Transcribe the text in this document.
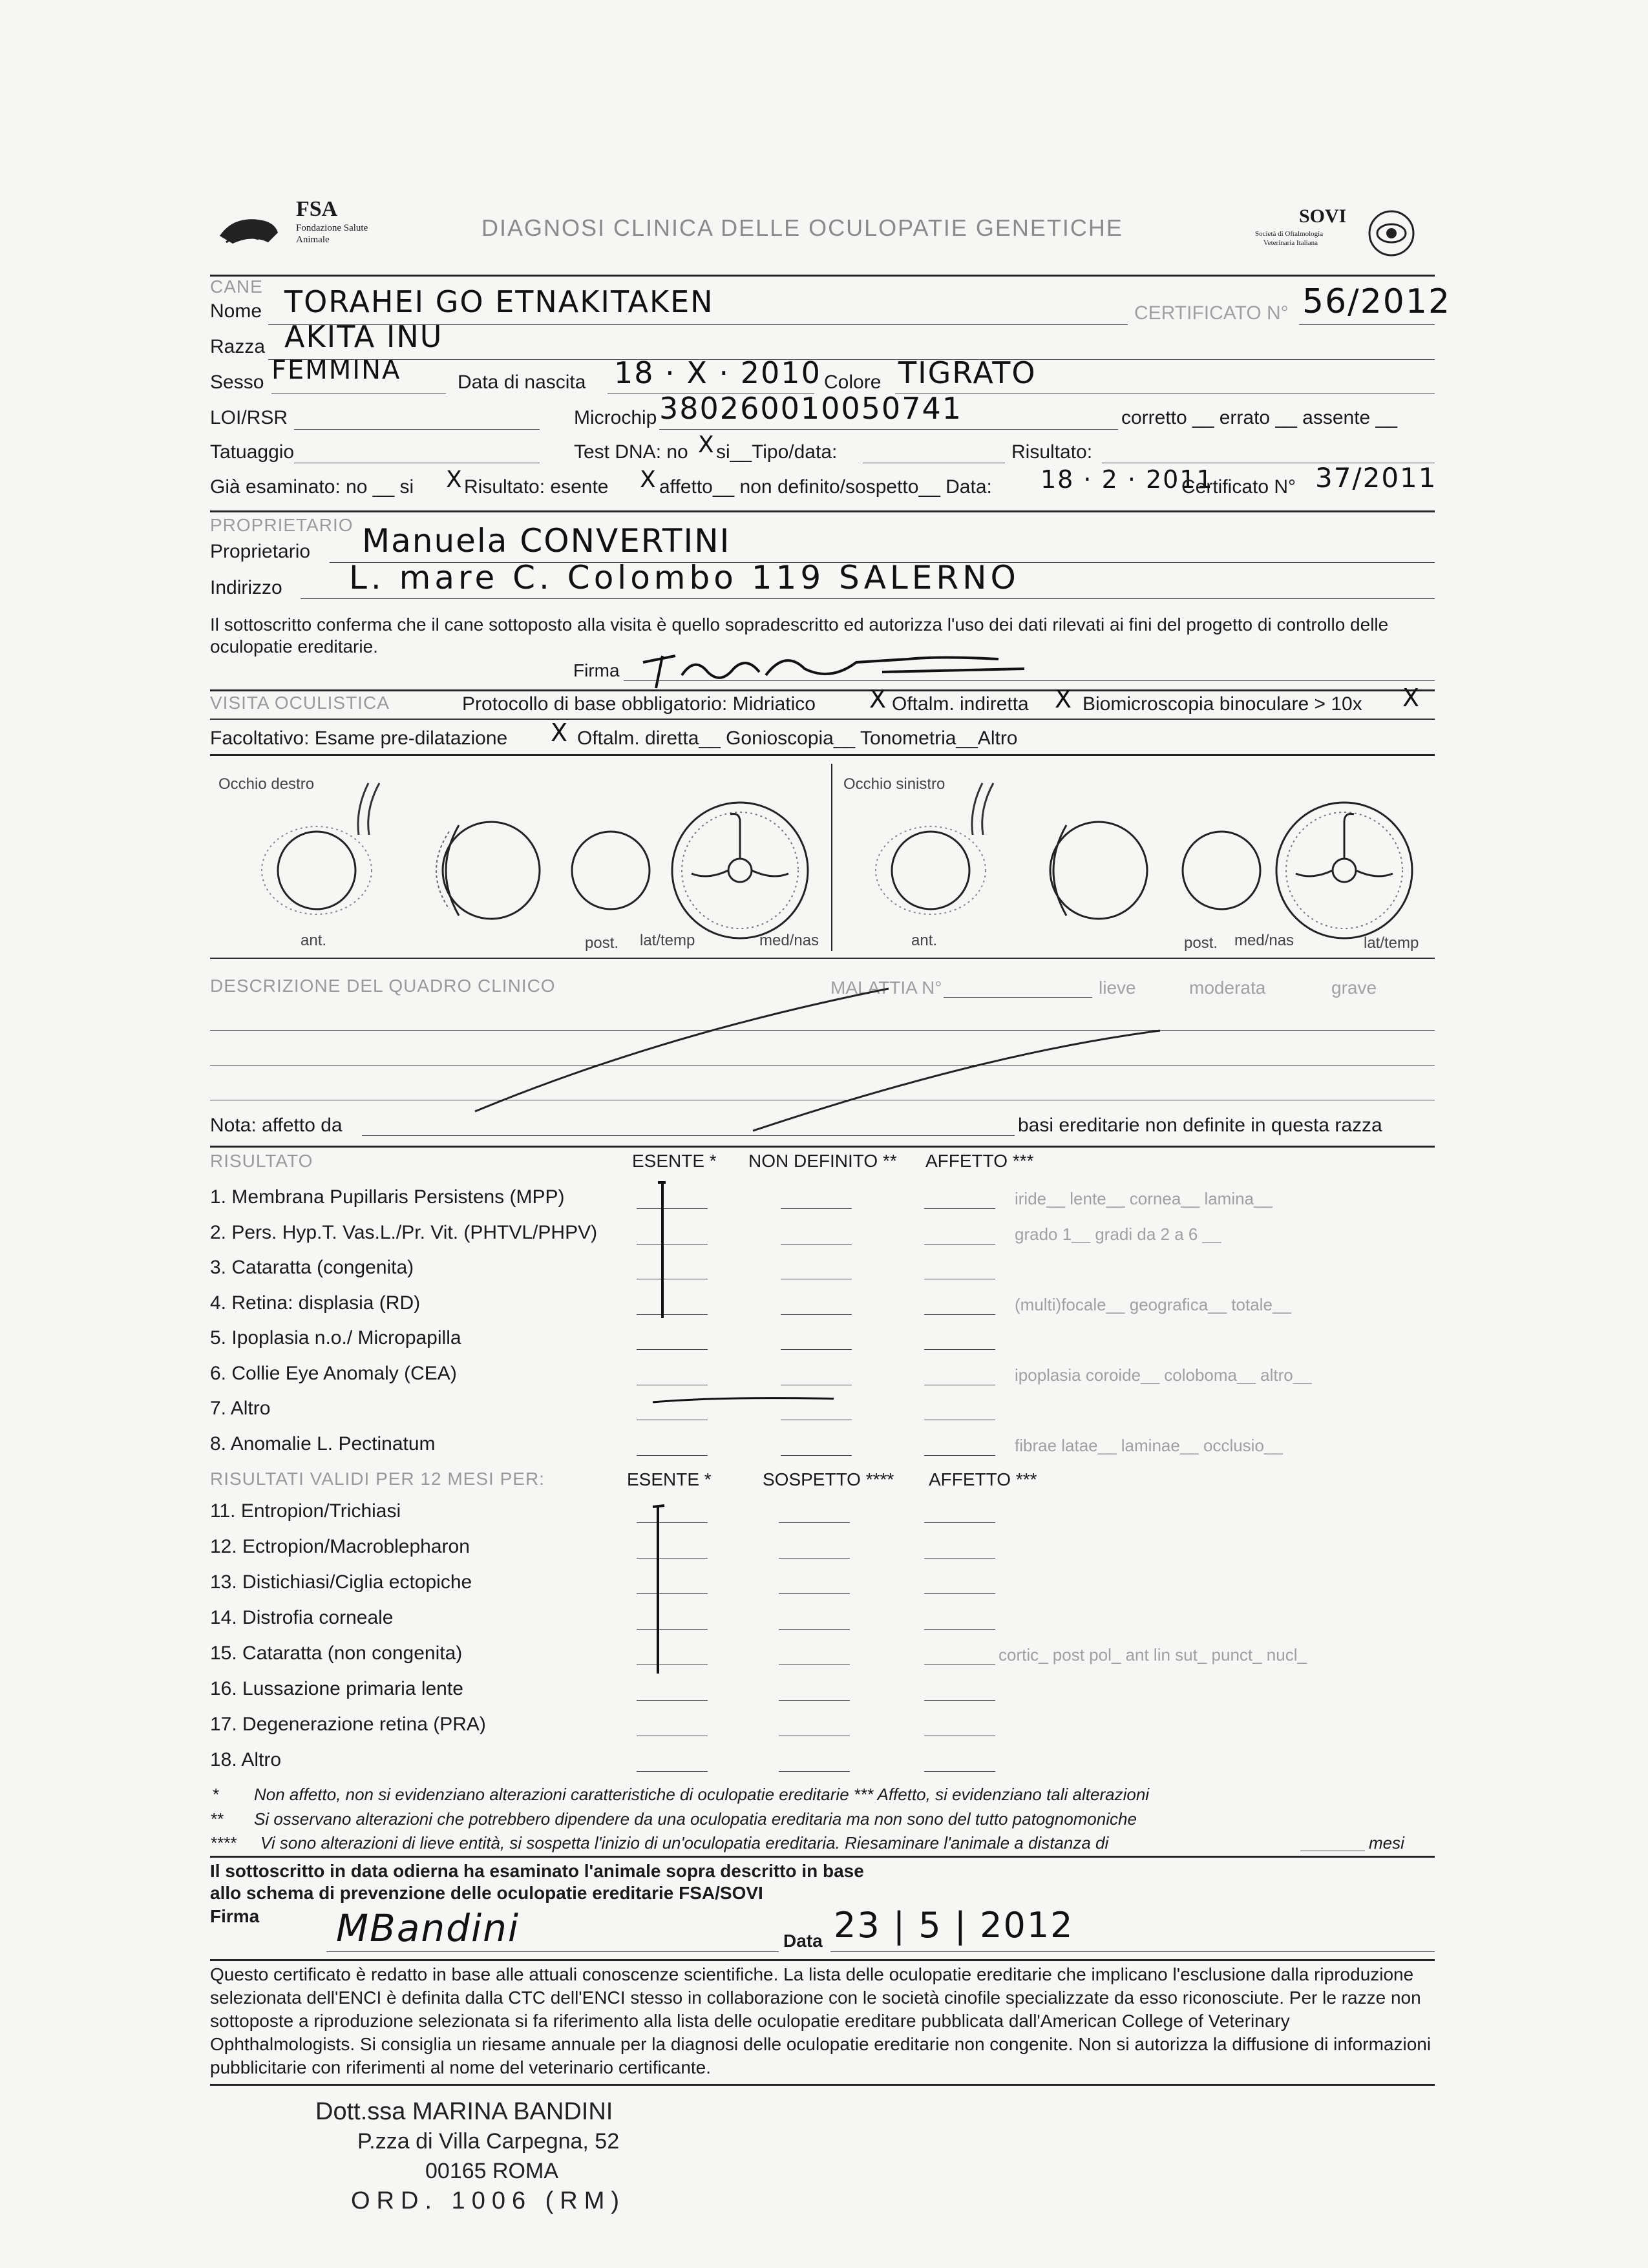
FSA
Fondazione Salute
Animale	DIAGNOSI CLINICA DELLE OCULOPATIE GENETICHE	SOVI
Società di Oftalmologia
Veterinaria Italiana
CANE
Nome TORAHEI GO ETNAKITAKEN	CERTIFICATO N° 56/2012
Razza AKITA INU
Sesso FEMMINA	Data di nascita 18 · X · 2010 Colore TIGRATO
LOI/RSR	Microchip 380260010050741	corretto __ errato __ assente __
Tatuaggio	Test DNA: no X si__Tipo/data:	Risultato:
Già esaminato: no __ si X Risultato: esente X affetto__ non definito/sospetto__ Data: 18 · 2 · 2011
Certificato N° 37/2011
PROPRIETARIO
Proprietario Manuela CONVERTINI
Indirizzo L. mare C. Colombo 119 SALERNO
Il sottoscritto conferma che il cane sottoposto alla visita è quello sopradescritto ed autorizza l'uso dei dati rilevati ai fini del progetto di controllo delle oculopatie ereditarie.
Firma
VISITA OCULISTICA	Protocollo di base obbligatorio: Midriatico X Oftalm. indiretta X Biomicroscopia binoculare > 10x X
Facoltativo: Esame pre-dilatazione X Oftalm. diretta__ Gonioscopia__ Tonometria__Altro
Occhio destro	Occhio sinistro
ant.	post. lat/temp	med/nas	ant.	post. med/nas	lat/temp
DESCRIZIONE DEL QUADRO CLINICO	MALATTIA N°	lieve	moderata	grave
Nota: affetto da	basi ereditarie non definite in questa razza
RISULTATO	ESENTE * NON DEFINITO ** AFFETTO ***
1. Membrana Pupillaris Persistens (MPP)	iride__ lente__ cornea__ lamina__
2. Pers. Hyp.T. Vas.L./Pr. Vit. (PHTVL/PHPV)	grado 1__ gradi da 2 a 6 __
3. Cataratta (congenita)
4. Retina: displasia (RD)	(multi)focale__ geografica__ totale__
5. Ipoplasia n.o./ Micropapilla
6. Collie Eye Anomaly (CEA)	ipoplasia coroide__ coloboma__ altro__
7. Altro
8. Anomalie L. Pectinatum	fibrae latae__ laminae__ occlusio__
RISULTATI VALIDI PER 12 MESI PER:	ESENTE *	SOSPETTO **** AFFETTO ***
11. Entropion/Trichiasi
12. Ectropion/Macroblepharon
13. Distichiasi/Ciglia ectopiche
14. Distrofia corneale
15. Cataratta (non congenita)	cortic_ post pol_ ant lin sut_ punct_ nucl_
16. Lussazione primaria lente
17. Degenerazione retina (PRA)
18. Altro
* Non affetto, non si evidenziano alterazioni caratteristiche di oculopatie ereditarie *** Affetto, si evidenziano tali alterazioni
** Si osservano alterazioni che potrebbero dipendere da una oculopatia ereditaria ma non sono del tutto patognomoniche
**** Vi sono alterazioni di lieve entità, si sospetta l'inizio di un'oculopatia ereditaria. Riesaminare l'animale a distanza di	mesi
Il sottoscritto in data odierna ha esaminato l'animale sopra descritto in base
allo schema di prevenzione delle oculopatie ereditarie FSA/SOVI
Firma MBandini	Data 23 | 5 | 2012
Questo certificato è redatto in base alle attuali conoscenze scientifiche. La lista delle oculopatie ereditarie che implicano l'esclusione dalla riproduzione selezionata dell'ENCI è definita dalla CTC dell'ENCI stesso in collaborazione con le società cinofile specializzate da esso riconosciute. Per le razze non sottoposte a riproduzione selezionata si fa riferimento alla lista delle oculopatie ereditare pubblicata dall'American College of Veterinary Ophthalmologists. Si consiglia un riesame annuale per la diagnosi delle oculopatie ereditarie non congenite. Non si autorizza la diffusione di informazioni pubblicitarie con riferimenti al nome del veterinario certificante.
Dott.ssa MARINA BANDINI
P.zza di Villa Carpegna, 52
00165 ROMA
ORD. 1006 (RM)
